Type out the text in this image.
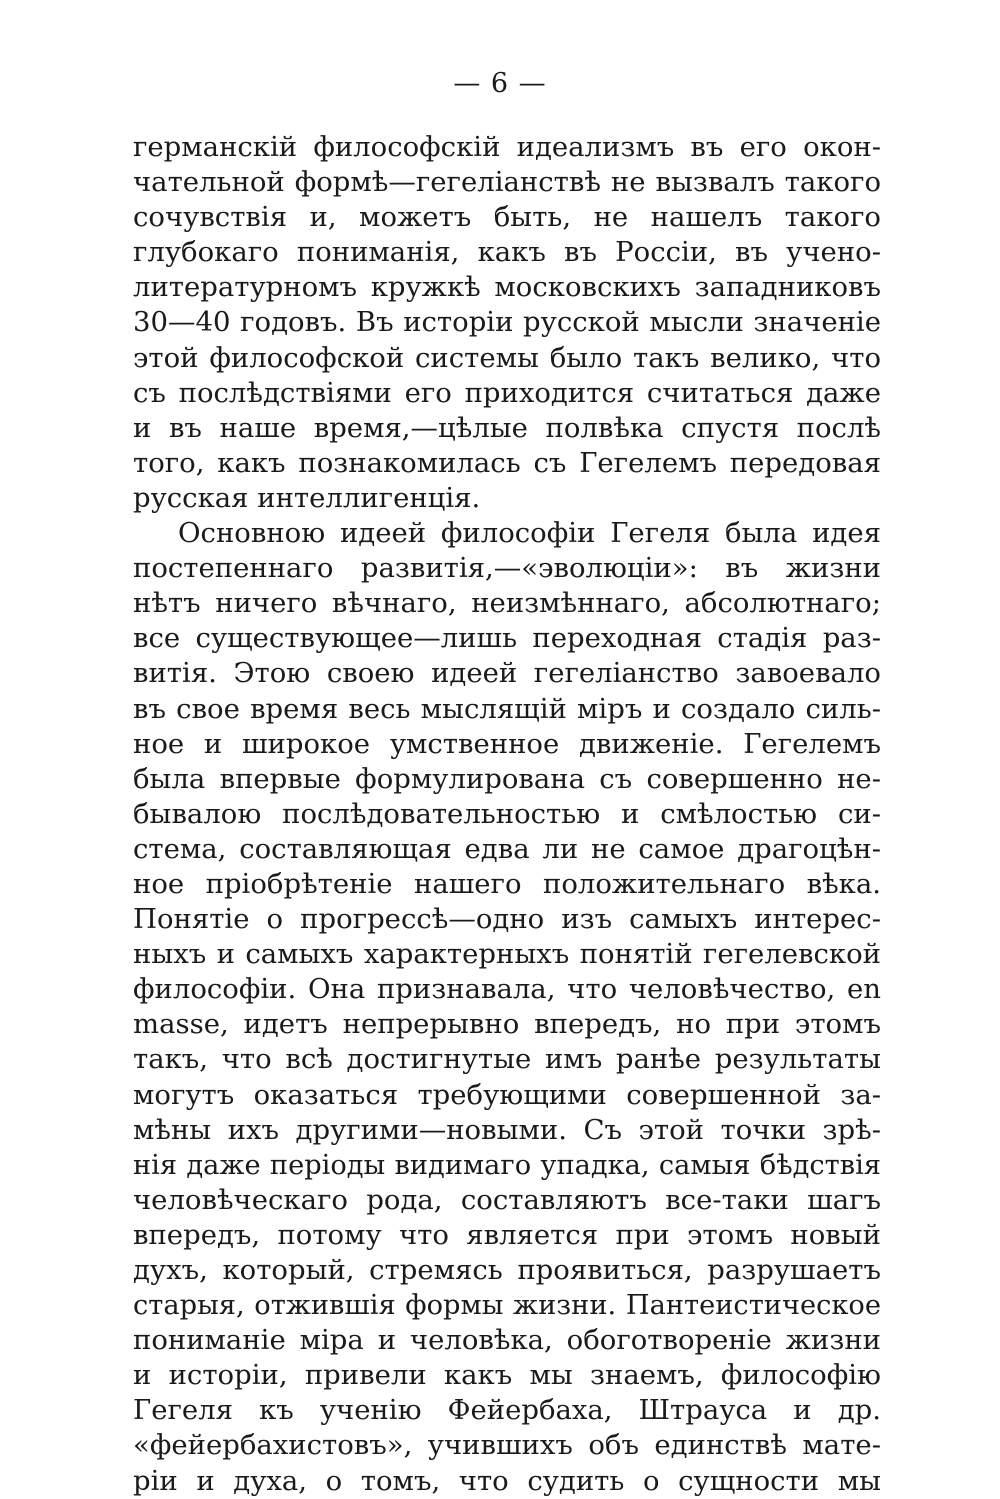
— 6 —
германскій философскій идеализмъ въ его окон-
чательной формѣ—гегеліанствѣ не вызвалъ такого
сочувствія и, можетъ быть, не нашелъ такого
глубокаго пониманія, какъ въ Россіи, въ учено-
литературномъ кружкѣ московскихъ западниковъ
30—40 годовъ. Въ исторіи русской мысли значеніе
этой философской системы было такъ велико, что
съ послѣдствіями его приходится считаться даже
и въ наше время,—цѣлые полвѣка спустя послѣ
того, какъ познакомилась съ Гегелемъ передовая
русская интеллигенція.
Основною идеей философіи Гегеля была идея
постепеннаго развитія,—«эволюціи»: въ жизни
нѣтъ ничего вѣчнаго, неизмѣннаго, абсолютнаго;
все существующее—лишь переходная стадія раз-
витія. Этою своею идеей гегеліанство завоевало
въ свое время весь мыслящій міръ и создало силь-
ное и широкое умственное движеніе. Гегелемъ
была впервые формулирована съ совершенно не-
бывалою послѣдовательностью и смѣлостью си-
стема, составляющая едва ли не самое драгоцѣн-
ное пріобрѣтеніе нашего положительнаго вѣка.
Понятіе о прогрессѣ—одно изъ самыхъ интерес-
ныхъ и самыхъ характерныхъ понятій гегелевской
философіи. Она признавала, что человѣчество, en
masse, идетъ непрерывно впередъ, но при этомъ
такъ, что всѣ достигнутые имъ ранѣе результаты
могутъ оказаться требующими совершенной за-
мѣны ихъ другими—новыми. Съ этой точки зрѣ-
нія даже періоды видимаго упадка, самыя бѣдствія
человѣческаго рода, составляютъ все-таки шагъ
впередъ, потому что является при этомъ новый
духъ, который, стремясь проявиться, разрушаетъ
старыя, отжившія формы жизни. Пантеистическое
пониманіе міра и человѣка, обоготвореніе жизни
и исторіи, привели какъ мы знаемъ, философію
Гегеля къ ученію Фейербаха, Штрауса и др.
«фейербахистовъ», учившихъ объ единствѣ мате-
ріи и духа, о томъ, что судить о сущности мы
